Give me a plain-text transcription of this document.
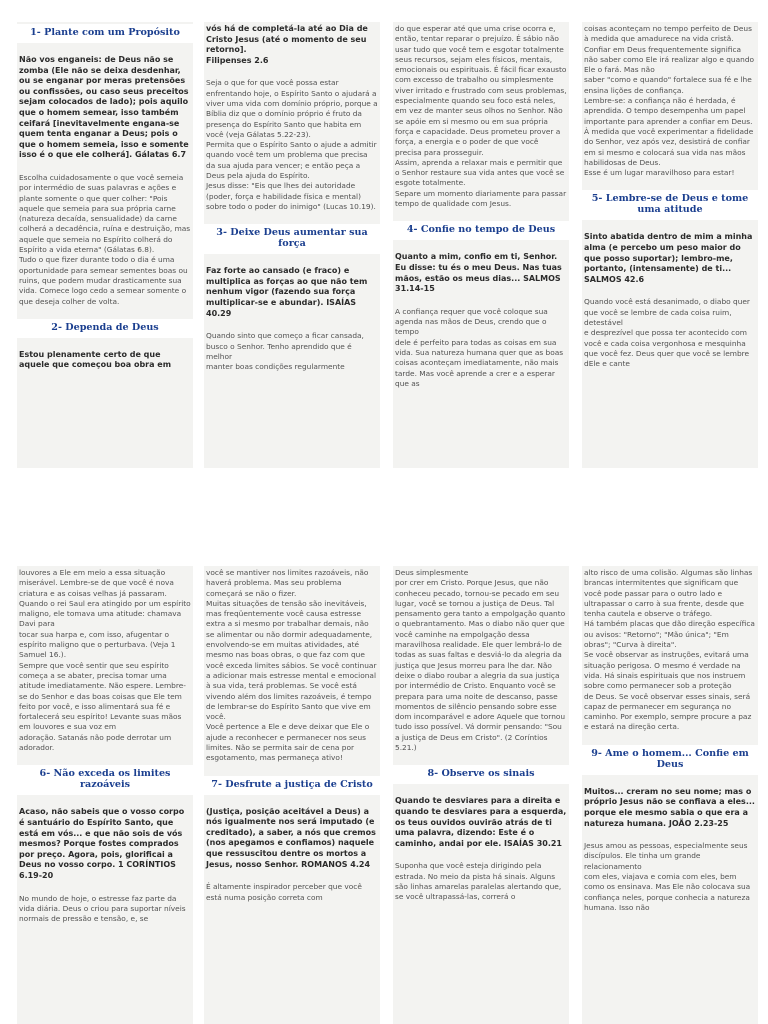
1- Plante com um Propósito

Não vos enganeis: de Deus não se zomba (Ele não se deixa desdenhar, ou se enganar por meras pretensões ou confissões, ou caso seus preceitos sejam colocados de lado); pois aquilo que o homem semear, isso também ceifará [inevitavelmente engana-se quem tenta enganar a Deus; pois o que o homem semeia, isso e somente isso é o que ele colherá]. Gálatas 6.7

Escolha cuidadosamente o que você semeia por intermédio de suas palavras e ações e plante somente o que quer colher: "Pois aquele que semeia para sua própria carne (natureza decaída, sensualidade) da carne colherá a decadência, ruína e destruição, mas aquele que semeia no Espírito colherá do Espírito a vida eterna" (Gálatas 6.8).
Tudo o que fizer durante todo o dia é uma oportunidade para semear sementes boas ou ruins, que podem mudar drasticamente sua vida. Comece logo cedo a semear somente o que deseja colher de volta.

2- Dependa de Deus

Estou plenamente certo de que aquele que começou boa obra em

vós há de completá-la até ao Dia de Cristo Jesus (até o momento de seu retorno].
Filipenses 2.6

Seja o que for que você possa estar enfrentando hoje, o Espírito Santo o ajudará a viver uma vida com domínio próprio, porque a Bíblia diz que o domínio próprio é fruto da presença do Espírito Santo que habita em você (veja Gálatas 5.22-23).
Permita que o Espírito Santo o ajude a admitir quando você tem um problema que precisa da sua ajuda para vencer; e então peça a Deus pela ajuda do Espírito.
Jesus disse: "Eis que lhes dei autoridade (poder, força e habilidade física e mental) sobre todo o poder do inimigo" (Lucas 10.19).

3- Deixe Deus aumentar sua força

Faz forte ao cansado (e fraco) e multiplica as forças ao que não tem nenhum vigor (fazendo sua força multiplicar-se e abundar). ISAÍAS 40.29

Quando sinto que começo a ficar cansada, busco o Senhor. Tenho aprendido que é melhor
manter boas condições regularmente

do que esperar até que uma crise ocorra e, então, tentar reparar o prejuízo. É sábio não usar tudo que você tem e esgotar totalmente seus recursos, sejam eles físicos, mentais, emocionais ou espirituais. É fácil ficar exausto com excesso de trabalho ou simplesmente viver irritado e frustrado com seus problemas, especialmente quando seu foco está neles, em vez de manter seus olhos no Senhor. Não se apóie em si mesmo ou em sua própria força e capacidade. Deus prometeu prover a força, a energia e o poder de que você precisa para prosseguir.
Assim, aprenda a relaxar mais e permitir que o Senhor restaure sua vida antes que você se esgote totalmente.
Separe um momento diariamente para passar tempo de qualidade com Jesus.

4- Confie no tempo de Deus

Quanto a mim, confio em ti, Senhor. Eu disse: tu és o meu Deus. Nas tuas mãos, estão os meus dias... SALMOS 31.14-15

A confiança requer que você coloque sua agenda nas mãos de Deus, crendo que o tempo
dele é perfeito para todas as coisas em sua vida. Sua natureza humana quer que as boas coisas aconteçam imediatamente, não mais tarde. Mas você aprende a crer e a esperar que as

coisas aconteçam no tempo perfeito de Deus à medida que amadurece na vida cristã. Confiar em Deus frequentemente significa não saber como Ele irá realizar algo e quando Ele o fará. Mas não
saber "como e quando" fortalece sua fé e lhe ensina lições de confiança.
Lembre-se: a confiança não é herdada, é aprendida. O tempo desempenha um papel importante para aprender a confiar em Deus. À medida que você experimentar a fidelidade do Senhor, vez após vez, desistirá de confiar em si mesmo e colocará sua vida nas mãos habilidosas de Deus.
Esse é um lugar maravilhoso para estar!

5- Lembre-se de Deus e tome uma atitude

Sinto abatida dentro de mim a minha alma (e percebo um peso maior do que posso suportar); lembro-me, portanto, (intensamente) de ti... SALMOS 42.6

Quando você está desanimado, o diabo quer que você se lembre de cada coisa ruim, detestável
e desprezível que possa ter acontecido com você e cada coisa vergonhosa e mesquinha que você fez. Deus quer que você se lembre dEle e cante

louvores a Ele em meio a essa situação miserável. Lembre-se de que você é nova criatura e as coisas velhas já passaram. Quando o rei Saul era atingido por um espírito maligno, ele tomava uma atitude: chamava Davi para
tocar sua harpa e, com isso, afugentar o espírito maligno que o perturbava. (Veja 1 Samuel 16.).
Sempre que você sentir que seu espírito começa a se abater, precisa tomar uma atitude imediatamente. Não espere. Lembre-se do Senhor e das boas coisas que Ele tem feito por você, e isso alimentará sua fé e fortalecerá seu espírito! Levante suas mãos em louvores e sua voz em
adoração. Satanás não pode derrotar um adorador.

6- Não exceda os limites razoáveis

Acaso, não sabeis que o vosso corpo é santuário do Espírito Santo, que está em vós... e que não sois de vós mesmos? Porque fostes comprados por preço. Agora, pois, glorificai a Deus no vosso corpo. 1 CORÍNTIOS 6.19-20

No mundo de hoje, o estresse faz parte da vida diária. Deus o criou para suportar níveis
normais de pressão e tensão, e, se

você se mantiver nos limites razoáveis, não haverá problema. Mas seu problema começará se não o fizer.
Muitas situações de tensão são inevitáveis, mas freqüentemente você causa estresse extra a si mesmo por trabalhar demais, não se alimentar ou não dormir adequadamente, envolvendo-se em muitas atividades, até mesmo nas boas obras, o que faz com que você exceda limites sábios. Se você continuar a adicionar mais estresse mental e emocional à sua vida, terá problemas. Se você está vivendo além dos limites razoáveis, é tempo de lembrar-se do Espírito Santo que vive em você.
Você pertence a Ele e deve deixar que Ele o ajude a reconhecer e permanecer nos seus limites. Não se permita sair de cena por esgotamento, mas permaneça ativo!

7- Desfrute a justiça de Cristo

(Justiça, posição aceitável a Deus) a nós igualmente nos será imputado (e creditado), a saber, a nós que cremos (nos apegamos e confiamos) naquele que ressuscitou dentre os mortos a Jesus, nosso Senhor. ROMANOS 4.24

É altamente inspirador perceber que você está numa posição correta com

Deus simplesmente
por crer em Cristo. Porque Jesus, que não conheceu pecado, tornou-se pecado em seu lugar, você se tornou a justiça de Deus. Tal pensamento gera tanto a empolgação quanto o quebrantamento. Mas o diabo não quer que você caminhe na empolgação dessa maravilhosa realidade. Ele quer lembrá-lo de todas as suas faltas e desviá-lo da alegria da justiça que Jesus morreu para lhe dar. Não deixe o diabo roubar a alegria da sua justiça por intermédio de Cristo. Enquanto você se prepara para uma noite de descanso, passe momentos de silêncio pensando sobre esse dom incomparável e adore Aquele que tornou tudo isso possível. Vá dormir pensando: "Sou a justiça de Deus em Cristo". (2 Coríntios 5.21.)

8- Observe os sinais

Quando te desviares para a direita e quando te desviares para a esquerda, os teus ouvidos ouvirão atrás de ti uma palavra, dizendo: Este é o caminho, andai por ele. ISAÍAS 30.21

Suponha que você esteja dirigindo pela estrada. No meio da pista há sinais. Alguns
são linhas amarelas paralelas alertando que, se você ultrapassá-las, correrá o

alto risco de uma colisão. Algumas são linhas brancas intermitentes que significam que você pode passar para o outro lado e ultrapassar o carro à sua frente, desde que tenha cautela e observe o tráfego.
Há também placas que dão direção específica ou avisos: "Retorno"; "Mão única"; "Em obras"; "Curva à direita".
Se você observar as instruções, evitará uma situação perigosa. O mesmo é verdade na vida. Há sinais espirituais que nos instruem sobre como permanecer sob a proteção
de Deus. Se você observar esses sinais, será capaz de permanecer em segurança no caminho. Por exemplo, sempre procure a paz e estará na direção certa.

9- Ame o homem... Confie em Deus

Muitos... creram no seu nome; mas o próprio Jesus não se confiava a eles... porque ele mesmo sabia o que era a natureza humana. JOÃO 2.23-25

Jesus amou as pessoas, especialmente seus discípulos. Ele tinha um grande relacionamento
com eles, viajava e comia com eles, bem como os ensinava. Mas Ele não colocava sua confiança neles, porque conhecia a natureza humana. Isso não
